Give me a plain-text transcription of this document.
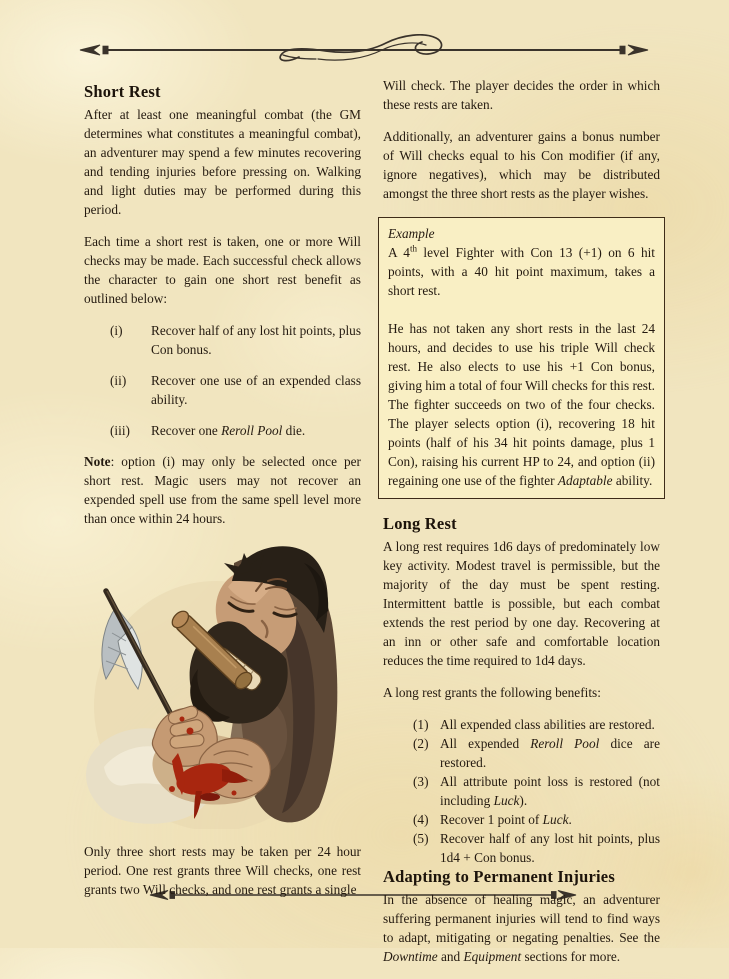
Short Rest

After at least one meaningful combat (the GM determines what constitutes a meaningful combat), an adventurer may spend a few minutes recovering and tending injuries before pressing on. Walking and light duties may be performed during this period.

Each time a short rest is taken, one or more Will checks may be made. Each successful check allows the character to gain one short rest benefit as outlined below:

(i)	Recover half of any lost hit points, plus Con bonus.
(ii)	Recover one use of an expended class ability.
(iii)	Recover one Reroll Pool die.

Note: option (i) may only be selected once per short rest. Magic users may not recover an expended spell use from the same spell level more than once within 24 hours.

Only three short rests may be taken per 24 hour period. One rest grants three Will checks, one rest grants two Will checks, and one rest grants a single

Will check. The player decides the order in which these rests are taken.

Additionally, an adventurer gains a bonus number of Will checks equal to his Con modifier (if any, ignore negatives), which may be distributed amongst the three short rests as the player wishes.

Example

A 4th level Fighter with Con 13 (+1) on 6 hit points, with a 40 hit point maximum, takes a short rest.

He has not taken any short rests in the last 24 hours, and decides to use his triple Will check rest. He also elects to use his +1 Con bonus, giving him a total of four Will checks for this rest. The fighter succeeds on two of the four checks. The player selects option (i), recovering 18 hit points (half of his 34 hit points damage, plus 1 Con), raising his current HP to 24, and option (ii) regaining one use of the fighter Adaptable ability.

Long Rest

A long rest requires 1d6 days of predominately low key activity. Modest travel is permissible, but the majority of the day must be spent resting. Intermittent battle is possible, but each combat extends the rest period by one day. Recovering at an inn or other safe and comfortable location reduces the time required to 1d4 days.

A long rest grants the following benefits:

(1) All expended class abilities are restored.
(2) All expended Reroll Pool dice are restored.
(3) All attribute point loss is restored (not including Luck).
(4) Recover 1 point of Luck.
(5) Recover half of any lost hit points, plus 1d4 + Con bonus.
Adapting to Permanent Injuries

In the absence of healing magic, an adventurer suffering permanent injuries will tend to find ways to adapt, mitigating or negating penalties. See the Downtime and Equipment sections for more.
